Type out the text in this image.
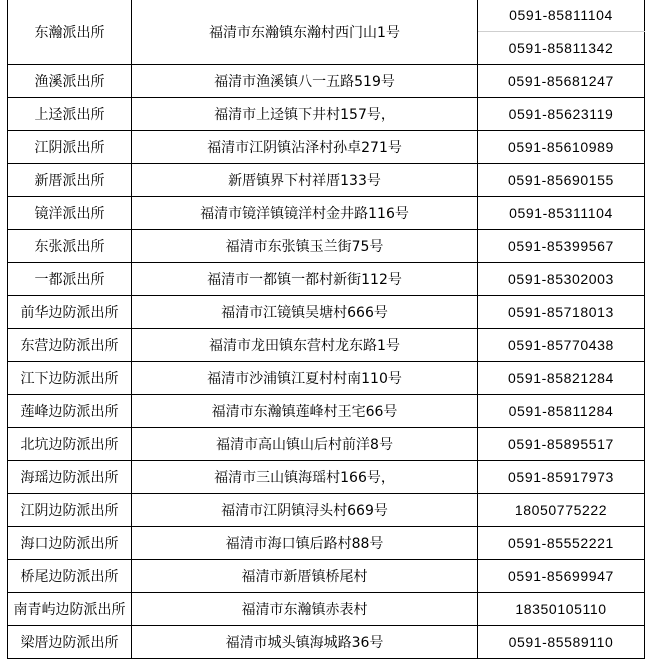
东瀚派出所	福清市东瀚镇东瀚村西门山1号	0591-85811104
		0591-85811342
渔溪派出所	福清市渔溪镇八一五路519号	0591-85681247
上迳派出所	福清市上迳镇下井村157号，	0591-85623119
江阴派出所	福清市江阴镇沾泽村孙卓271号	0591-85610989
新厝派出所	新厝镇界下村祥厝133号	0591-85690155
镜洋派出所	福清市镜洋镇镜洋村金井路116号	0591-85311104
东张派出所	福清市东张镇玉兰街75号	0591-85399567
一都派出所	福清市一都镇一都村新街112号	0591-85302003
前华边防派出所	福清市江镜镇吴塘村666号	0591-85718013
东营边防派出所	福清市龙田镇东营村龙东路1号	0591-85770438
江下边防派出所	福清市沙浦镇江夏村村南110号	0591-85821284
莲峰边防派出所	福清市东瀚镇莲峰村王宅66号	0591-85811284
北坑边防派出所	福清市高山镇山后村前洋8号	0591-85895517
海瑶边防派出所	福清市三山镇海瑶村166号，	0591-85917973
江阴边防派出所	福清市江阴镇浔头村669号	18050775222
海口边防派出所	福清市海口镇后路村88号	0591-85552221
桥尾边防派出所	福清市新厝镇桥尾村	0591-85699947
南青屿边防派出所	福清市东瀚镇赤表村	18350105110
梁厝边防派出所	福清市城头镇海城路36号	0591-85589110
